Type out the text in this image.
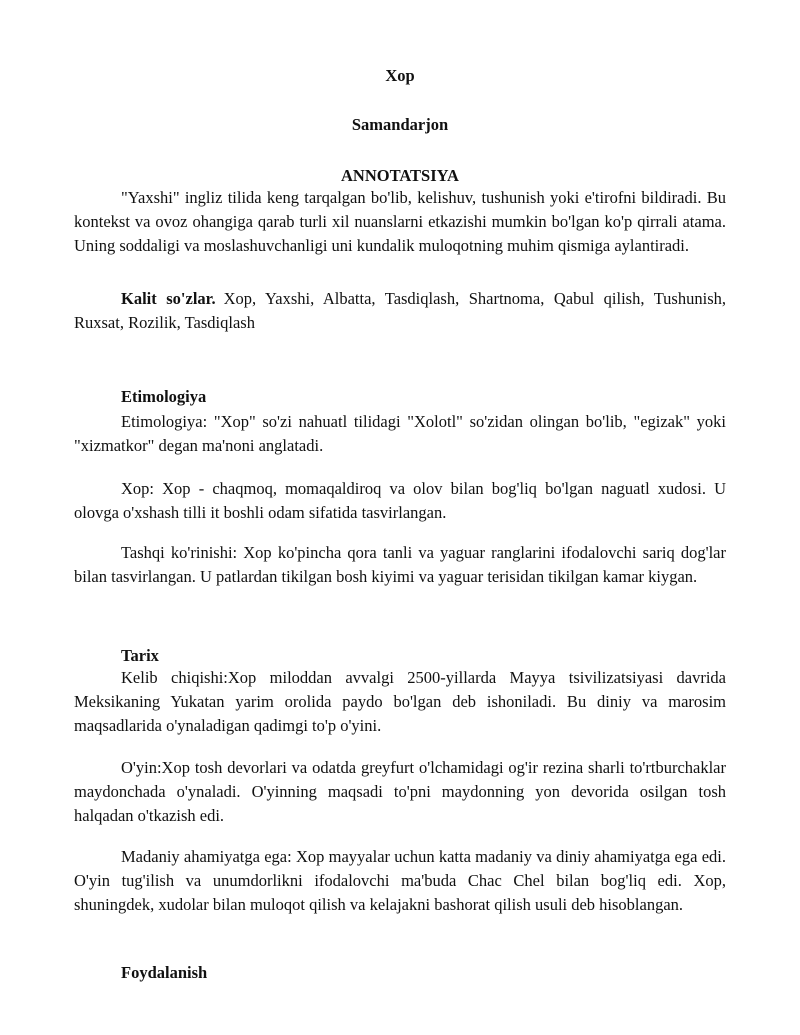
Xop

Samandarjon

ANNOTATSIYA

"Yaxshi" ingliz tilida keng tarqalgan bo'lib, kelishuv, tushunish yoki e'tirofni bildiradi. Bu kontekst va ovoz ohangiga qarab turli xil nuanslarni etkazishi mumkin bo'lgan ko'p qirrali atama. Uning soddaligi va moslashuvchanligi uni kundalik muloqotning muhim qismiga aylantiradi.

Kalit so'zlar. Xop, Yaxshi, Albatta, Tasdiqlash, Shartnoma, Qabul qilish, Tushunish, Ruxsat, Rozilik, Tasdiqlash

Etimologiya

Etimologiya: "Xop" so'zi nahuatl tilidagi "Xolotl" so'zidan olingan bo'lib, "egizak" yoki "xizmatkor" degan ma'noni anglatadi.

Xop: Xop - chaqmoq, momaqaldiroq va olov bilan bog'liq bo'lgan naguatl xudosi. U olovga o'xshash tilli it boshli odam sifatida tasvirlangan.

Tashqi ko'rinishi: Xop ko'pincha qora tanli va yaguar ranglarini ifodalovchi sariq dog'lar bilan tasvirlangan. U patlardan tikilgan bosh kiyimi va yaguar terisidan tikilgan kamar kiygan.

Tarix

Kelib chiqishi:Xop miloddan avvalgi 2500-yillarda Mayya tsivilizatsiyasi davrida Meksikaning Yukatan yarim orolida paydo bo'lgan deb ishoniladi. Bu diniy va marosim maqsadlarida o'ynaladigan qadimgi to'p o'yini.

O'yin:Xop tosh devorlari va odatda greyfurt o'lchamidagi og'ir rezina sharli to'rtburchaklar maydonchada o'ynaladi. O'yinning maqsadi to'pni maydonning yon devorida osilgan tosh halqadan o'tkazish edi.

Madaniy ahamiyatga ega: Xop mayyalar uchun katta madaniy va diniy ahamiyatga ega edi. O'yin tug'ilish va unumdorlikni ifodalovchi ma'buda Chac Chel bilan bog'liq edi. Xop, shuningdek, xudolar bilan muloqot qilish va kelajakni bashorat qilish usuli deb hisoblangan.

Foydalanish
